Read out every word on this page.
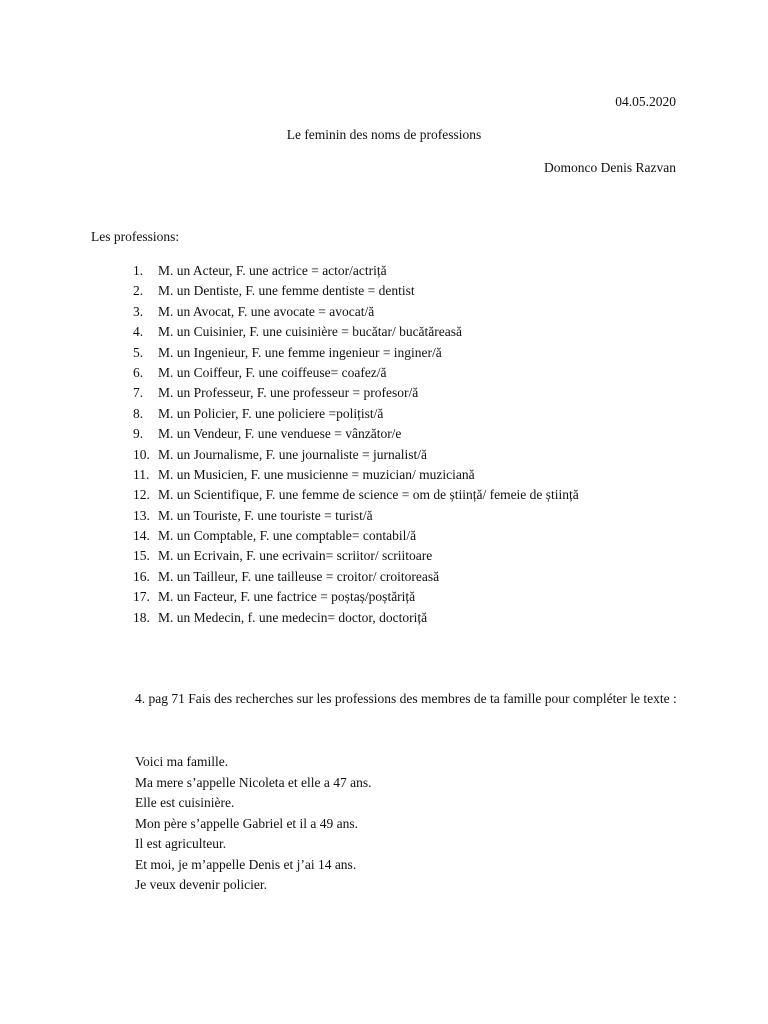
04.05.2020
Le feminin des noms de professions
Domonco Denis Razvan
Les professions:
1. M. un Acteur, F. une actrice = actor/actriță
2. M. un Dentiste, F. une femme dentiste = dentist
3. M. un Avocat, F. une avocate = avocat/ă
4. M. un Cuisinier, F. une cuisinière = bucătar/ bucătăreasă
5. M. un Ingenieur, F. une femme ingenieur = inginer/ă
6. M. un Coiffeur, F. une coiffeuse= coafez/ă
7. M. un Professeur, F. une professeur = profesor/ă
8. M. un Policier, F. une policiere =polițist/ă
9. M. un Vendeur, F. une venduese = vânzător/e
10. M. un Journalisme, F. une journaliste = jurnalist/ă
11. M. un Musicien, F. une musicienne = muzician/ muziciană
12. M. un Scientifique, F. une femme de science = om de știință/ femeie de știință
13. M. un Touriste, F. une touriste = turist/ă
14. M. un Comptable, F. une comptable= contabil/ă
15. M. un Ecrivain, F. une ecrivain= scriitor/ scriitoare
16. M. un Tailleur, F. une tailleuse = croitor/ croitoreasă
17. M. un Facteur, F. une factrice = poștaș/poștăriță
18. M. un Medecin, f. une medecin= doctor, doctoriță
4. pag 71 Fais des recherches sur les professions des membres de ta famille pour compléter le texte :
Voici ma famille.
Ma mere s’appelle Nicoleta et elle a 47 ans.
Elle est cuisinière.
Mon père s’appelle Gabriel et il a 49 ans.
Il est agriculteur.
Et moi, je m’appelle Denis et j’ai 14 ans.
Je veux devenir policier.
